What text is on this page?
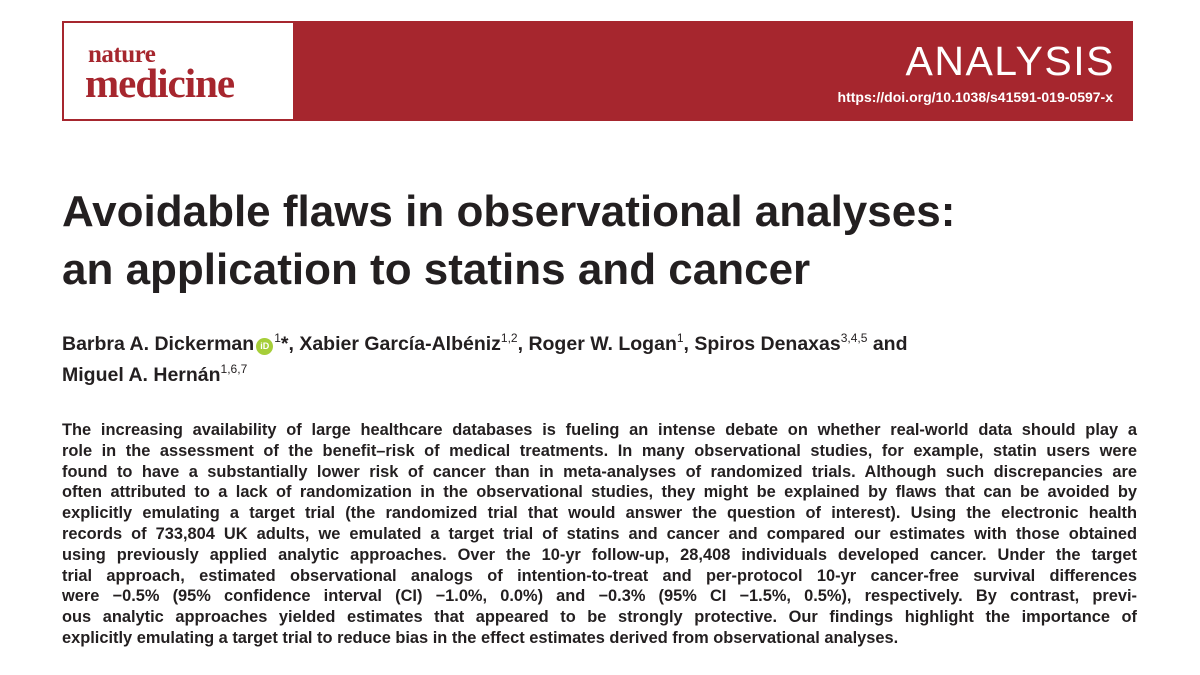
nature
medicine	ANALYSIS
https://doi.org/10.1038/s41591-019-0597-x
Avoidable flaws in observational analyses:
an application to statins and cancer
Barbra A. Dickerman $iD^1*$, Xabier García-Albéniz$^{1,2}$, Roger W. Logan$^1$, Spiros Denaxas$^{3,4,5}$ and
Miguel A. Hernán$^{1,6,7}$
The increasing availability of large healthcare databases is fueling an intense debate on whether real-world data should play a
role in the assessment of the benefit–risk of medical treatments. In many observational studies, for example, statin users were
found to have a substantially lower risk of cancer than in meta-analyses of randomized trials. Although such discrepancies are
often attributed to a lack of randomization in the observational studies, they might be explained by flaws that can be avoided by
explicitly emulating a target trial (the randomized trial that would answer the question of interest). Using the electronic health
records of 733,804 UK adults, we emulated a target trial of statins and cancer and compared our estimates with those obtained
using previously applied analytic approaches. Over the 10-yr follow-up, 28,408 individuals developed cancer. Under the target
trial approach, estimated observational analogs of intention-to-treat and per-protocol 10-yr cancer-free survival differences
were −0.5% (95% confidence interval (CI) −1.0%, 0.0%) and −0.3% (95% CI −1.5%, 0.5%), respectively. By contrast, previ-
ous analytic approaches yielded estimates that appeared to be strongly protective. Our findings highlight the importance of
explicitly emulating a target trial to reduce bias in the effect estimates derived from observational analyses.
